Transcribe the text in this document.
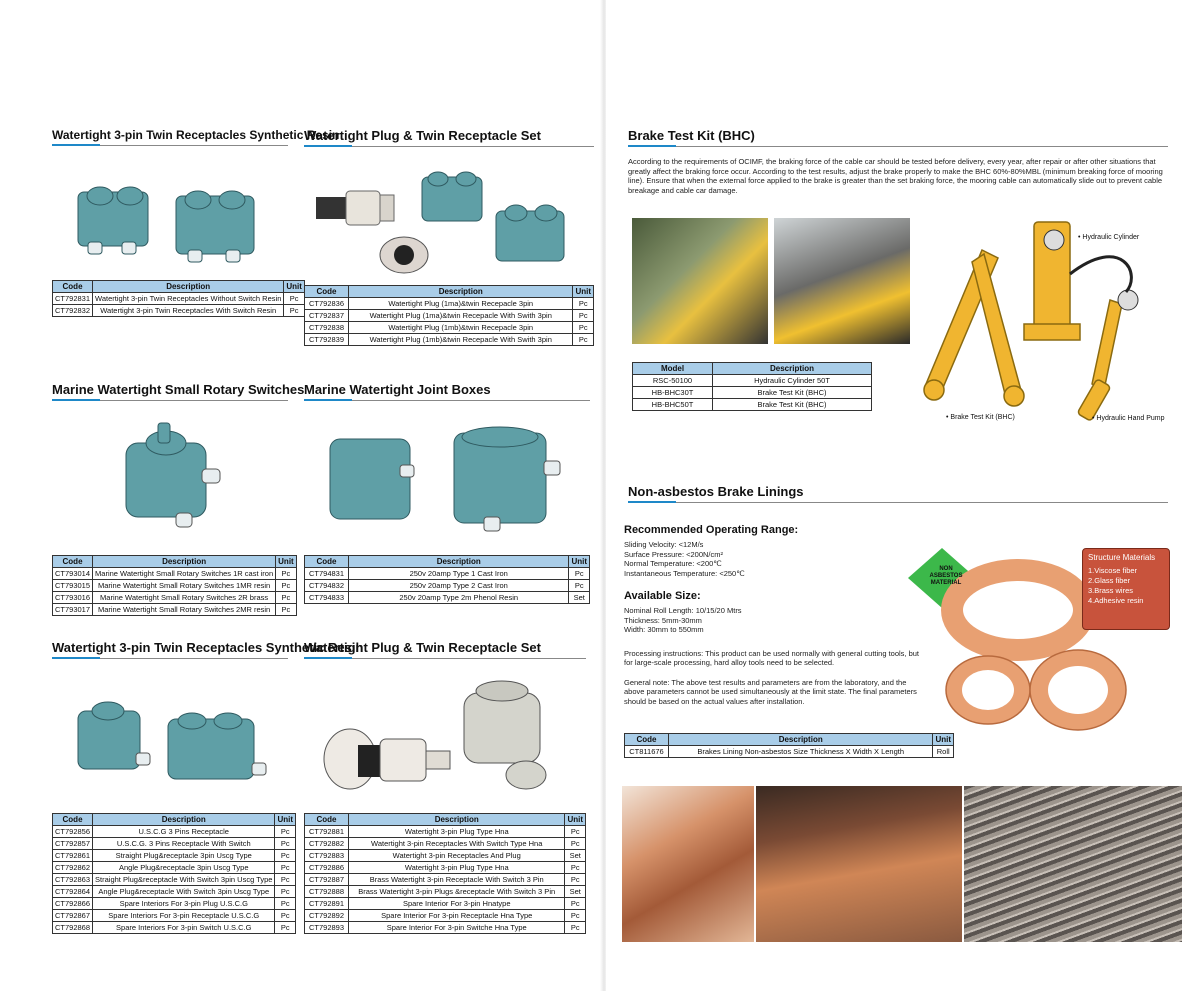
Watertight 3-pin Twin Receptacles Synthetic Resin
Code	Description	Unit
CT792831	Watertight 3-pin Twin Receptacles Without Switch Resin	Pc
CT792832	Watertight 3-pin Twin Receptacles With Switch Resin	Pc
Watertight Plug & Twin Receptacle Set
Code	Description	Unit
CT792836	Watertight Plug (1ma)&twin Recepacle 3pin	Pc
CT792837	Watertight Plug (1ma)&twin Recepacle With Swith 3pin	Pc
CT792838	Watertight Plug (1mb)&twin Recepacle 3pin	Pc
CT792839	Watertight Plug (1mb)&twin Recepacle With Swith 3pin	Pc
Marine Watertight Small Rotary Switches
Code	Description	Unit
CT793014	Marine Watertight Small Rotary Switches 1R cast iron	Pc
CT793015	Marine Watertight Small Rotary Switches 1MR resin	Pc
CT793016	Marine Watertight Small Rotary Switches 2R brass	Pc
CT793017	Marine Watertight Small Rotary Switches 2MR resin	Pc
Marine Watertight Joint Boxes
Code	Description	Unit
CT794831	250v 20amp Type 1 Cast Iron	Pc
CT794832	250v 20amp Type 2 Cast Iron	Pc
CT794833	250v 20amp Type 2m Phenol Resin	Set
Watertight 3-pin Twin Receptacles Synthetic Resin
Code	Description	Unit
CT792856	U.S.C.G 3 Pins Receptacle	Pc
CT792857	U.S.C.G. 3 Pins Receptacle With Switch	Pc
CT792861	Straight Plug&receptacle 3pin Uscg Type	Pc
CT792862	Angle Plug&receptacle 3pin Uscg Type	Pc
CT792863	Straight Plug&receptacle With Switch 3pin Uscg Type	Pc
CT792864	Angle Plug&receptacle With Switch 3pin Uscg Type	Pc
CT792866	Spare Interiors For 3-pin Plug U.S.C.G	Pc
CT792867	Spare Interiors For 3-pin Receptacle U.S.C.G	Pc
CT792868	Spare Interiors For 3-pin Switch U.S.C.G	Pc
Watertight Plug & Twin Receptacle Set
Code	Description	Unit
CT792881	Watertight 3-pin Plug Type Hna	Pc
CT792882	Watertight 3-pin Receptacles With Switch Type Hna	Pc
CT792883	Watertight 3-pin Receptacles And Plug	Set
CT792886	Watertight 3-pin Plug Type Hna	Pc
CT792887	Brass Watertight 3-pin Receptacle With Switch 3 Pin	Pc
CT792888	Brass Watertight 3-pin Plugs &receptacle With Switch 3 Pin	Set
CT792891	Spare Interior For 3-pin Hnatype	Pc
CT792892	Spare Interior For 3-pin Receptacle Hna Type	Pc
CT792893	Spare Interior For 3-pin Switche Hna Type	Pc
Brake Test Kit (BHC)
According to the requirements of OCIMF, the braking force of the cable car should be tested before delivery, every year, after repair or after other situations that greatly affect the braking force occur. According to the test results, adjust the brake properly to make the BHC 60%-80%MBL (minimum breaking force of mooring line). Ensure that when the external force applied to the brake is greater than the set braking force, the mooring cable can automatically slide out to prevent cable breakage and cable car damage.
• Hydraulic Cylinder
• Brake Test Kit (BHC)	• Hydraulic Hand Pump
Model	Description
RSC-50100	Hydraulic Cylinder 50T
HB-BHC30T	Brake Test Kit (BHC)
HB-BHC50T	Brake Test Kit (BHC)
Non-asbestos Brake Linings
Recommended Operating Range:
Sliding Velocity: <12M/s
Surface Pressure: <200N/cm²
Normal Temperature: <200℃
Instantaneous Temperature: <250℃
Available Size:
Nominal Roll Length: 10/15/20 Mtrs
Thickness: 5mm-30mm
Width: 30mm to 550mm
Processing instructions: This product can be used normally with general cutting tools, but for large-scale processing, hard alloy tools need to be selected.
General note: The above test results and parameters are from the laboratory, and the above parameters cannot be used simultaneously at the limit state. The final parameters should be based on the actual values after installation.
NON
ASBESTOS
MATERIAL
Structure Materials
1.Viscose fiber
2.Glass fiber
3.Brass wires
4.Adhesive resin
Code	Description	Unit
CT811676	Brakes Lining Non-asbestos Size Thickness X Width X Length	Roll
